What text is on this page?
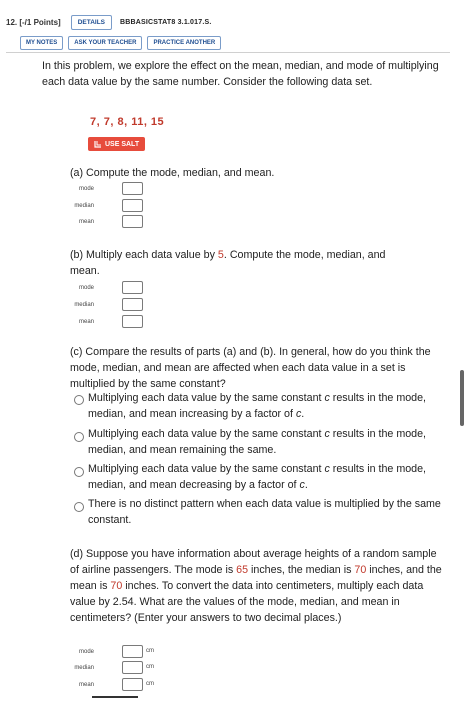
12. [-/1 Points]	DETAILS	BBBASICSTAT8 3.1.017.S.
MY NOTES	ASK YOUR TEACHER	PRACTICE ANOTHER

In this problem, we explore the effect on the mean, median, and mode of multiplying each data value by the same number. Consider the following data set.

7, 7, 8, 11, 15
USE SALT
(a) Compute the mode, median, and mean.
mode
median
mean
(b) Multiply each data value by 5. Compute the mode, median, and
mean.
mode
median
mean
(c) Compare the results of parts (a) and (b). In general, how do you think the mode, median, and mean are affected when each data value in a set is multiplied by the same constant?
Multiplying each data value by the same constant c results in the mode, median, and mean increasing by a factor of c.
Multiplying each data value by the same constant c results in the mode, median, and mean remaining the same.
Multiplying each data value by the same constant c results in the mode, median, and mean decreasing by a factor of c.
There is no distinct pattern when each data value is multiplied by the same constant.
(d) Suppose you have information about average heights of a random sample of airline passengers. The mode is 65 inches, the median is 70 inches, and the mean is 70 inches. To convert the data into centimeters, multiply each data value by 2.54. What are the values of the mode, median, and mean in centimeters? (Enter your answers to two decimal places.)
mode	cm
median	cm
mean	cm
